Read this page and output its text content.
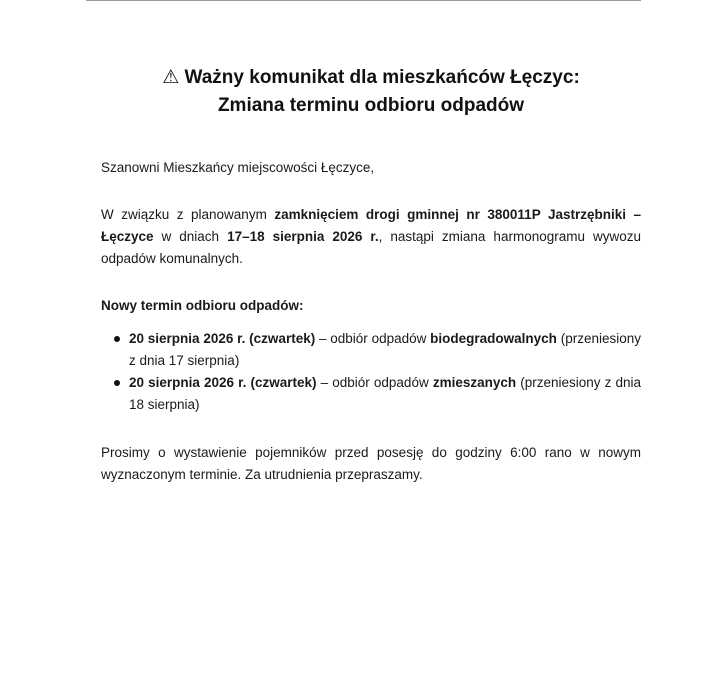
⚠ Ważny komunikat dla mieszkańców Łęczyc:
Zmiana terminu odbioru odpadów
Szanowni Mieszkańcy miejscowości Łęczyce,
W związku z planowanym zamknięciem drogi gminnej nr 380011P Jastrzębniki – Łęczyce w dniach 17–18 sierpnia 2026 r., nastąpi zmiana harmonogramu wywozu odpadów komunalnych.
Nowy termin odbioru odpadów:
20 sierpnia 2026 r. (czwartek) – odbiór odpadów biodegradowalnych (przeniesiony z dnia 17 sierpnia)
20 sierpnia 2026 r. (czwartek) – odbiór odpadów zmieszanych (przeniesiony z dnia 18 sierpnia)
Prosimy o wystawienie pojemników przed posesję do godziny 6:00 rano w nowym wyznaczonym terminie. Za utrudnienia przepraszamy.
